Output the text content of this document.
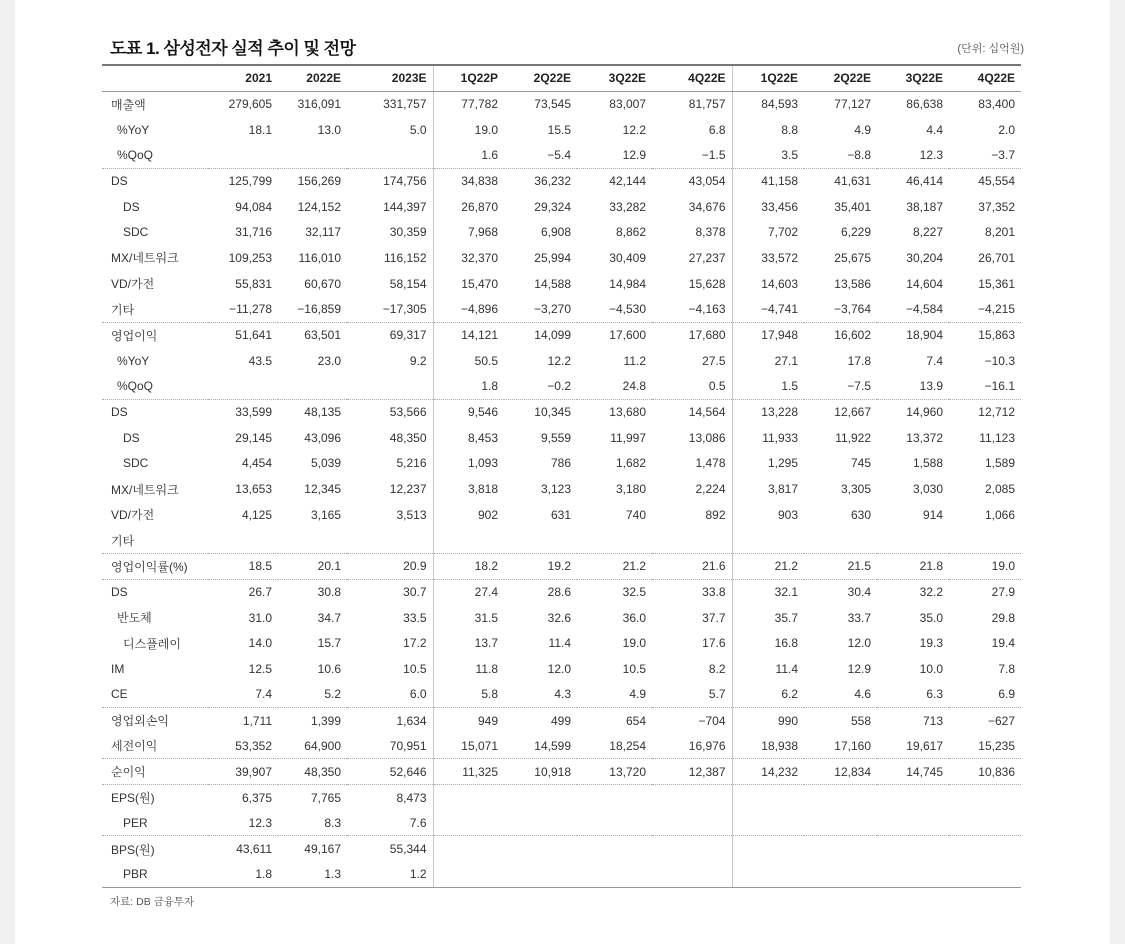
도표 1. 삼성전자 실적 추이 및 전망	(단위: 십억원)
	2021	2022E	2023E	1Q22P	2Q22E	3Q22E	4Q22E	1Q22E	2Q22E	3Q22E	4Q22E
매출액	279,605	316,091	331,757	77,782	73,545	83,007	81,757	84,593	77,127	86,638	83,400
%YoY	18.1	13.0	5.0	19.0	15.5	12.2	6.8	8.8	4.9	4.4	2.0
%QoQ				1.6	−5.4	12.9	−1.5	3.5	−8.8	12.3	−3.7
DS	125,799	156,269	174,756	34,838	36,232	42,144	43,054	41,158	41,631	46,414	45,554
DS	94,084	124,152	144,397	26,870	29,324	33,282	34,676	33,456	35,401	38,187	37,352
SDC	31,716	32,117	30,359	7,968	6,908	8,862	8,378	7,702	6,229	8,227	8,201
MX/네트워크	109,253	116,010	116,152	32,370	25,994	30,409	27,237	33,572	25,675	30,204	26,701
VD/가전	55,831	60,670	58,154	15,470	14,588	14,984	15,628	14,603	13,586	14,604	15,361
기타	−11,278	−16,859	−17,305	−4,896	−3,270	−4,530	−4,163	−4,741	−3,764	−4,584	−4,215
영업이익	51,641	63,501	69,317	14,121	14,099	17,600	17,680	17,948	16,602	18,904	15,863
%YoY	43.5	23.0	9.2	50.5	12.2	11.2	27.5	27.1	17.8	7.4	−10.3
%QoQ				1.8	−0.2	24.8	0.5	1.5	−7.5	13.9	−16.1
DS	33,599	48,135	53,566	9,546	10,345	13,680	14,564	13,228	12,667	14,960	12,712
DS	29,145	43,096	48,350	8,453	9,559	11,997	13,086	11,933	11,922	13,372	11,123
SDC	4,454	5,039	5,216	1,093	786	1,682	1,478	1,295	745	1,588	1,589
MX/네트워크	13,653	12,345	12,237	3,818	3,123	3,180	2,224	3,817	3,305	3,030	2,085
VD/가전	4,125	3,165	3,513	902	631	740	892	903	630	914	1,066
기타											
영업이익률(%)	18.5	20.1	20.9	18.2	19.2	21.2	21.6	21.2	21.5	21.8	19.0
DS	26.7	30.8	30.7	27.4	28.6	32.5	33.8	32.1	30.4	32.2	27.9
반도체	31.0	34.7	33.5	31.5	32.6	36.0	37.7	35.7	33.7	35.0	29.8
디스플레이	14.0	15.7	17.2	13.7	11.4	19.0	17.6	16.8	12.0	19.3	19.4
IM	12.5	10.6	10.5	11.8	12.0	10.5	8.2	11.4	12.9	10.0	7.8
CE	7.4	5.2	6.0	5.8	4.3	4.9	5.7	6.2	4.6	6.3	6.9
영업외손익	1,711	1,399	1,634	949	499	654	−704	990	558	713	−627
세전이익	53,352	64,900	70,951	15,071	14,599	18,254	16,976	18,938	17,160	19,617	15,235
순이익	39,907	48,350	52,646	11,325	10,918	13,720	12,387	14,232	12,834	14,745	10,836
EPS(원)	6,375	7,765	8,473								
PER	12.3	8.3	7.6								
BPS(원)	43,611	49,167	55,344								
PBR	1.8	1.3	1.2								
자료: DB 금융투자
